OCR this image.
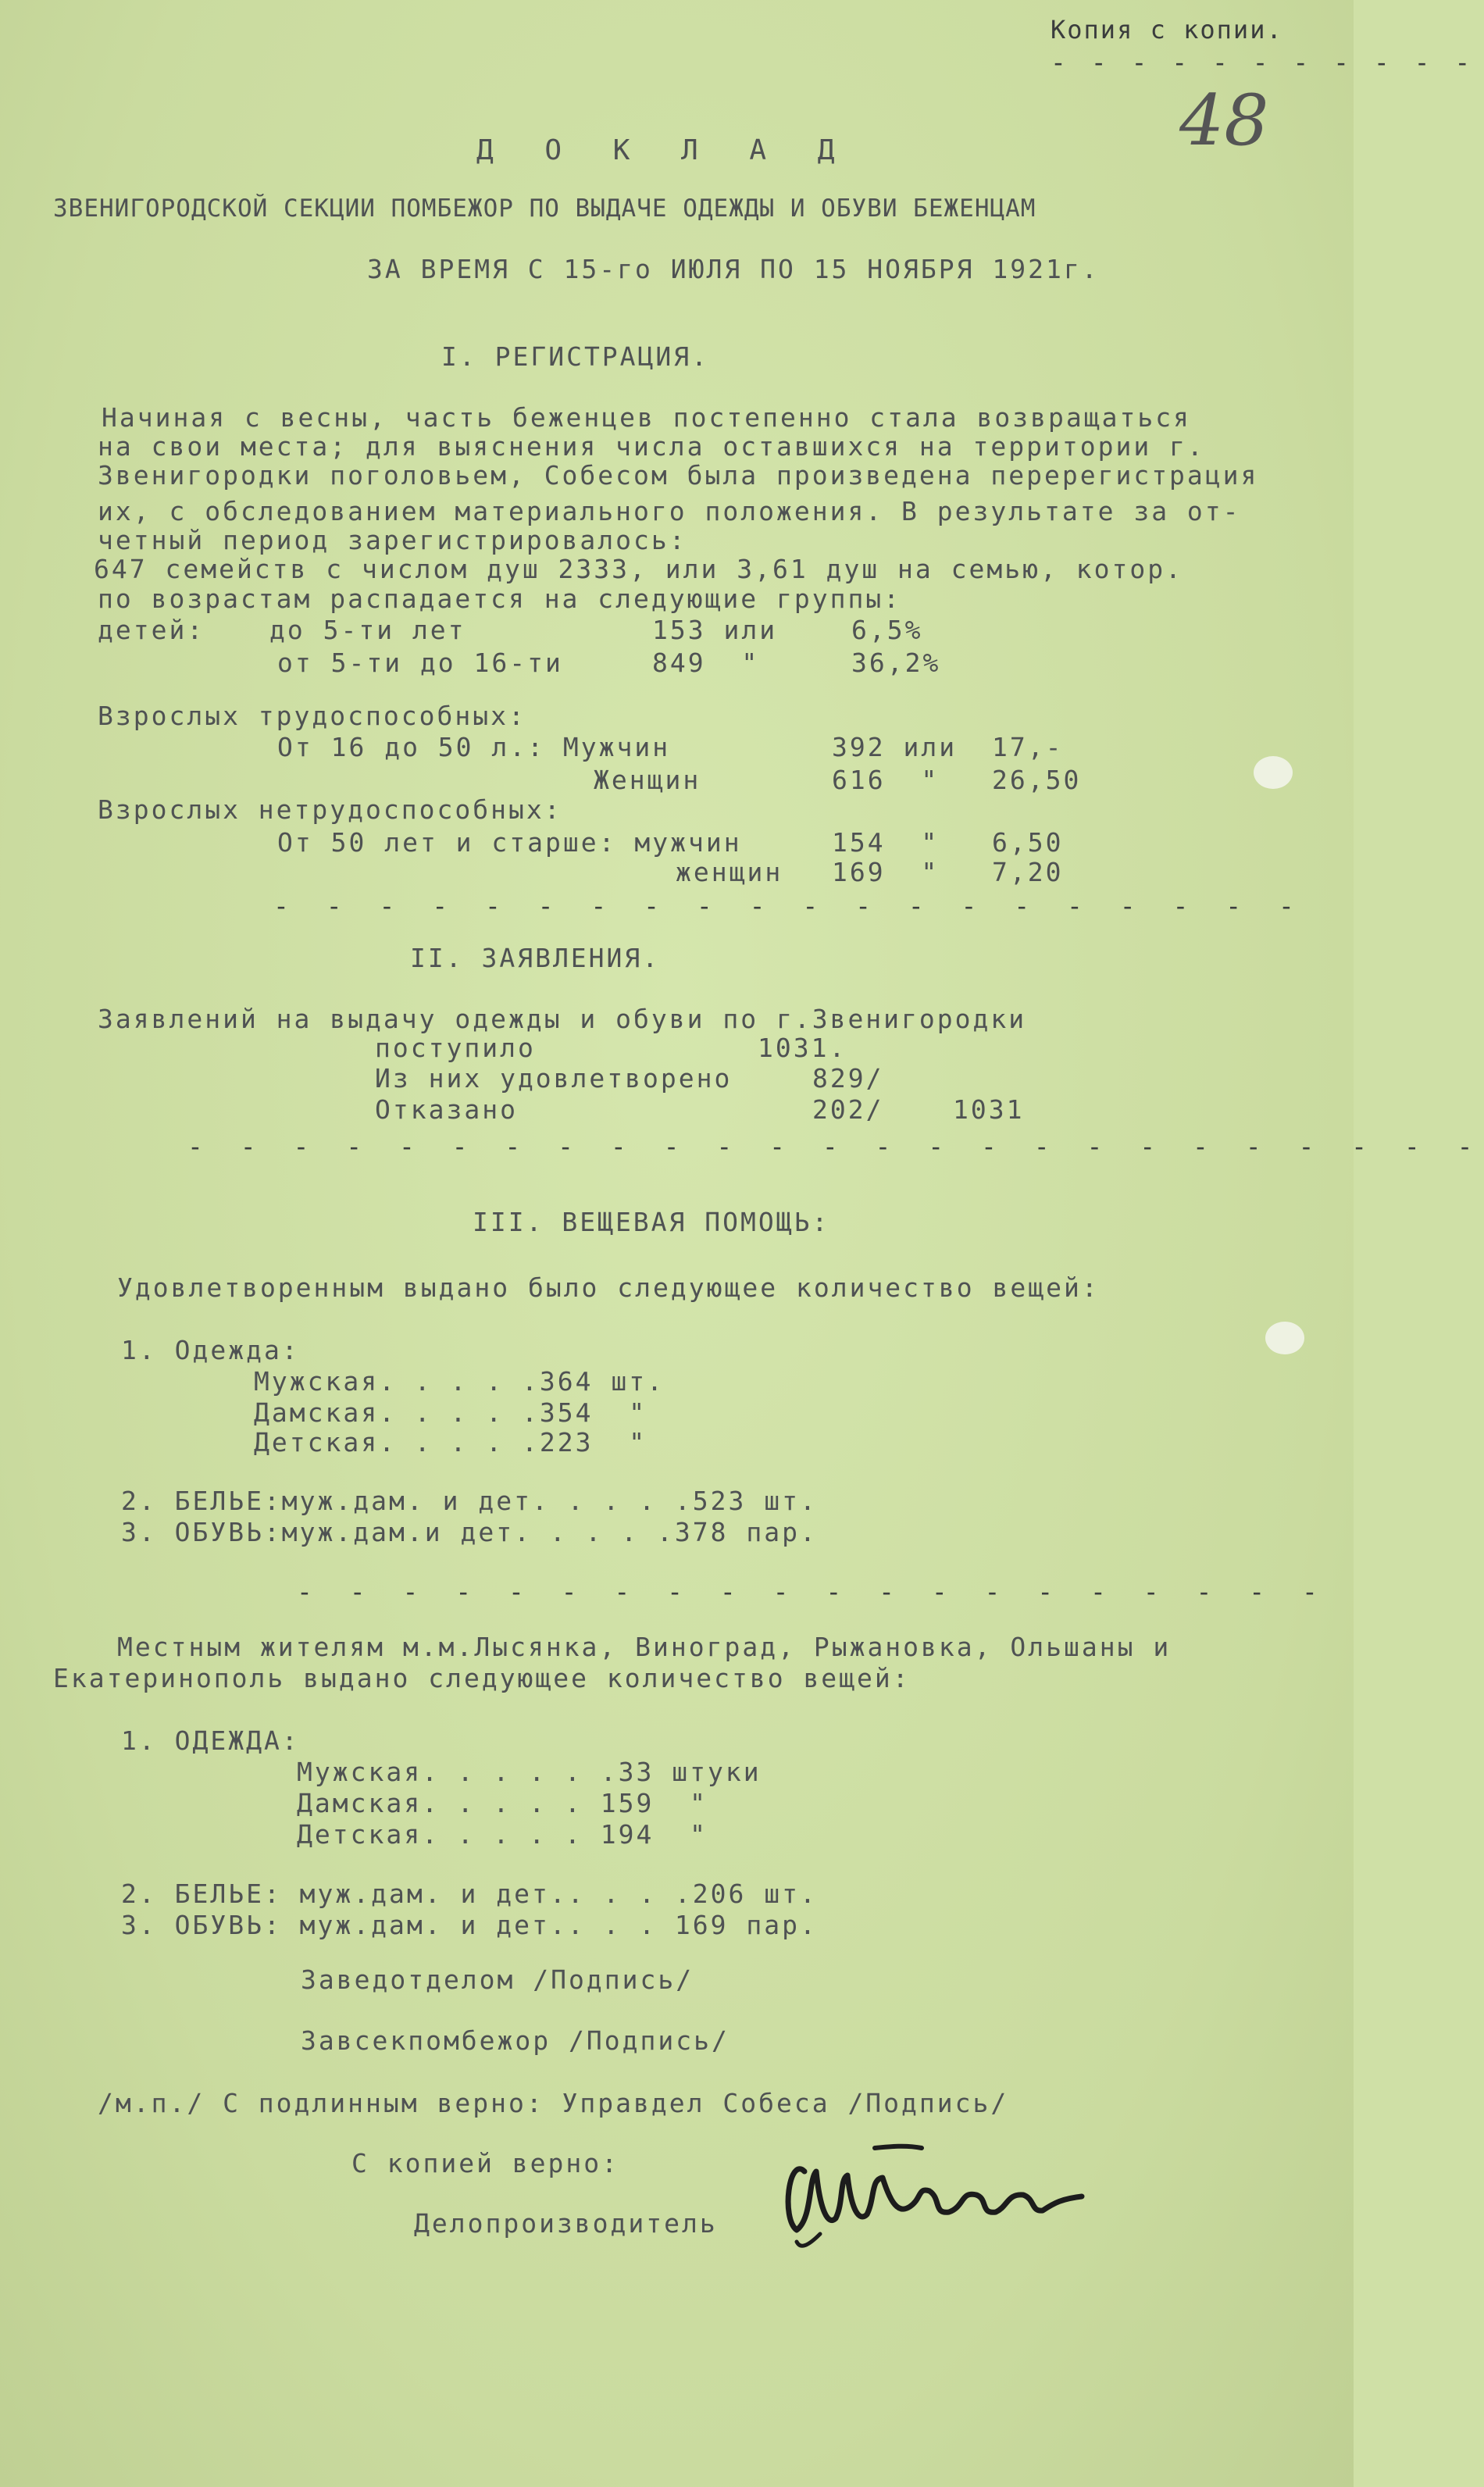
Копия с копии.
- - - - - - - - - - -
48
Д О К Л А Д
ЗВЕНИГОРОДСКОЙ СЕКЦИИ ПОМБЕЖОР ПО ВЫДАЧЕ ОДЕЖДЫ И ОБУВИ БЕЖЕНЦАМ
ЗА ВРЕМЯ С 15-го ИЮЛЯ ПО 15 НОЯБРЯ 1921г.
I. РЕГИСТРАЦИЯ.
Начиная с весны, часть беженцев постепенно стала возвращаться
на свои места; для выяснения числа оставшихся на территории г.
Звенигородки поголовьем, Собесом была произведена перерегистрация
их, с обследованием материального положения. В результате за от-
четный период зарегистрировалось:
647 семейств с числом душ 2333, или 3,61 душ на семью, котор.
по возрастам распадается на следующие группы:
детей:	до 5-ти лет	153 или	6,5%
от 5-ти до 16-ти	849  "	36,2%
Взрослых трудоспособных:
От 16 до 50 л.: Мужчин	392 или 17,-
Женщин	616  " 26,50
Взрослых нетрудоспособных:
От 50 лет и старше: мужчин	154  " 6,50
женщин 169  " 7,20
- - - - - - - - - - - - - - - - - - - -
II. ЗАЯВЛЕНИЯ.
Заявлений на выдачу одежды и обуви по г.Звенигородки
поступило	1031.
Из них удовлетворено	829/
Отказано	202/	1031
- - - - - - - - - - - - - - - - - - - - - - - - -
III. ВЕЩЕВАЯ ПОМОЩЬ:
Удовлетворенным выдано было следующее количество вещей:
1. Одежда:
Мужская. . . . .364 шт.
Дамская. . . . .354  "
Детская. . . . .223  "
2. БЕЛЬЕ:муж.дам. и дет. . . . .523 шт.
3. ОБУВЬ:муж.дам.и дет. . . . .378 пар.
- - - - - - - - - - - - - - - - - - - -
Местным жителям м.м.Лысянка, Виноград, Рыжановка, Ольшаны и
Екатеринополь выдано следующее количество вещей:
1. ОДЕЖДА:
Мужская. . . . . .33 штуки
Дамская. . . . . 159  "
Детская. . . . . 194  "
2. БЕЛЬЕ: муж.дам. и дет.. . . .206 шт.
3. ОБУВЬ: муж.дам. и дет.. . . 169 пар.
Заведотделом /Подпись/
Завсекпомбежор /Подпись/
/м.п./ С подлинным верно: Управдел Собеса /Подпись/
С копией верно:
Делопроизводитель
